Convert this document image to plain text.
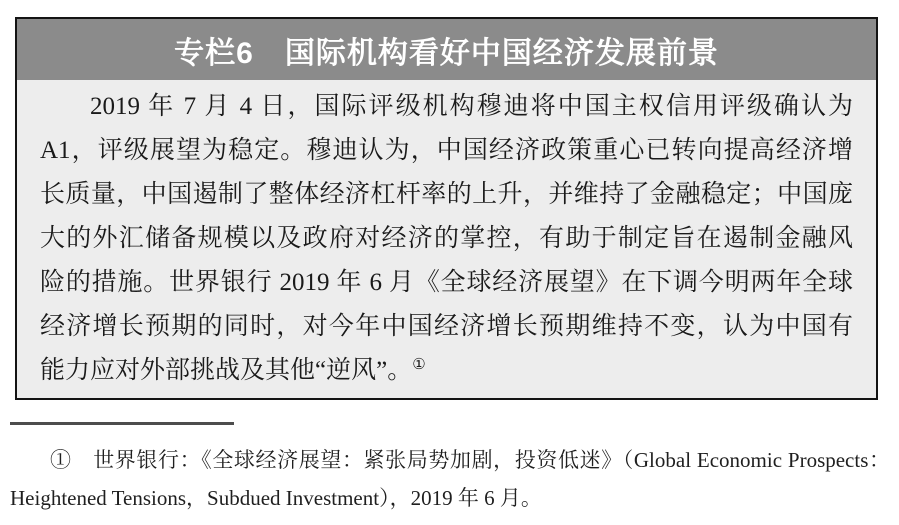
专栏6　国际机构看好中国经济发展前景

2019 年 7 月 4 日，国际评级机构穆迪将中国主权信用评级确认为

A1，评级展望为稳定。穆迪认为，中国经济政策重心已转向提高经济增

长质量，中国遏制了整体经济杠杆率的上升，并维持了金融稳定；中国庞

大的外汇储备规模以及政府对经济的掌控，有助于制定旨在遏制金融风

险的措施。世界银行 2019 年 6 月《全球经济展望》在下调今明两年全球

经济增长预期的同时，对今年中国经济增长预期维持不变，认为中国有

能力应对外部挑战及其他“逆风”。①

①　世界银行：《全球经济展望：紧张局势加剧，投资低迷》（Global Economic Prospects：Heightened Tensions，Subdued Investment），2019 年 6 月。
